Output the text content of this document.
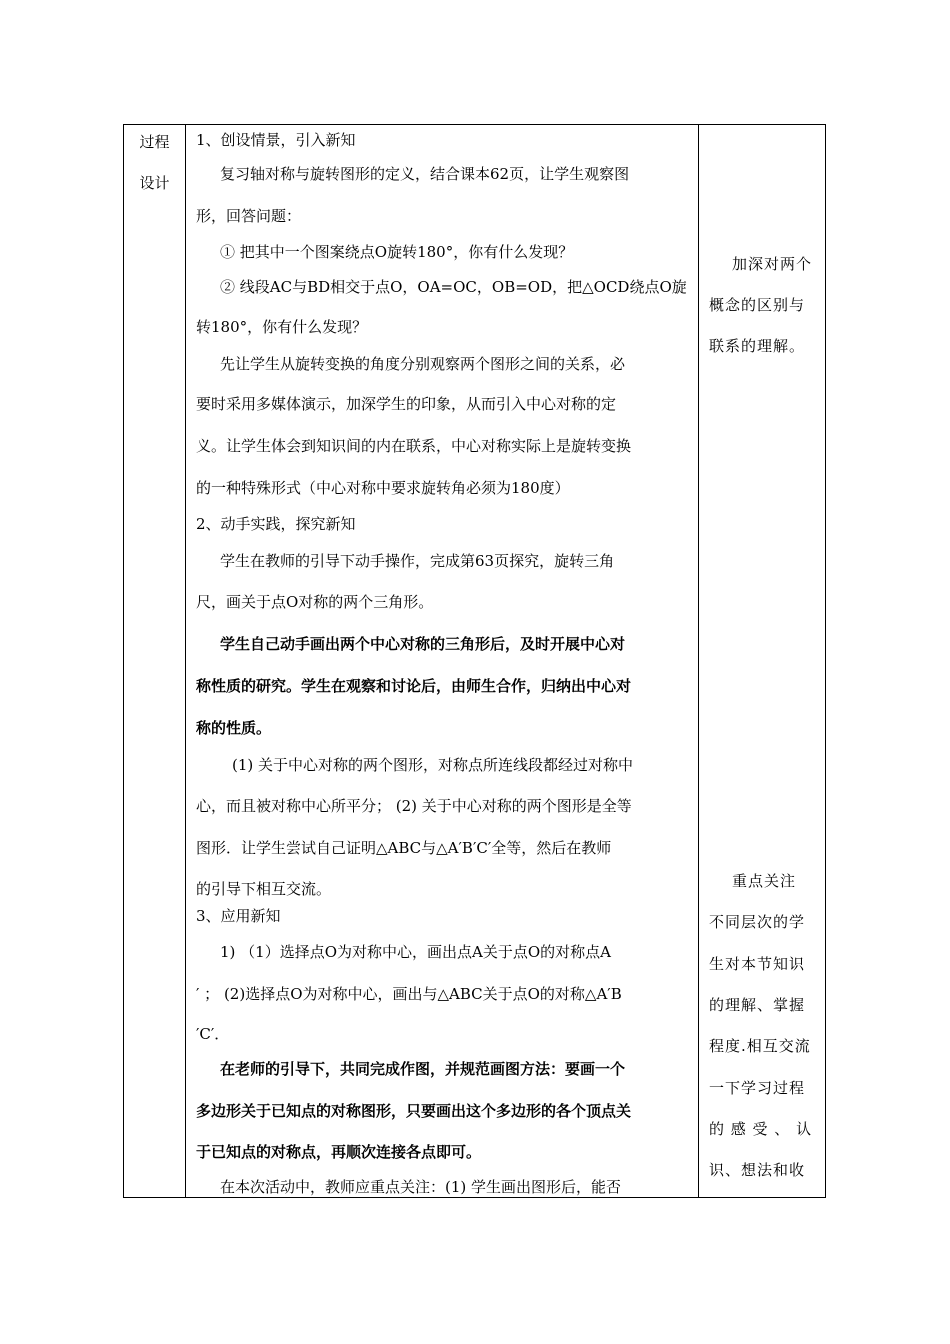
过程
设计
1、创设情景，引入新知
复习轴对称与旋转图形的定义，结合课本62页，让学生观察图
形，回答问题：
① 把其中一个图案绕点O旋转180°，你有什么发现？
② 线段AC与BD相交于点O，OA=OC，OB=OD，把△OCD绕点O旋
转180°，你有什么发现？
先让学生从旋转变换的角度分别观察两个图形之间的关系，必
要时采用多媒体演示，加深学生的印象，从而引入中心对称的定
义。让学生体会到知识间的内在联系，中心对称实际上是旋转变换
的一种特殊形式（中心对称中要求旋转角必须为180度）
2、动手实践，探究新知
学生在教师的引导下动手操作，完成第63页探究，旋转三角
尺，画关于点O对称的两个三角形。
学生自己动手画出两个中心对称的三角形后，及时开展中心对
称性质的研究。学生在观察和讨论后，由师生合作，归纳出中心对
称的性质。
(1) 关于中心对称的两个图形，对称点所连线段都经过对称中
心，而且被对称中心所平分； (2) 关于中心对称的两个图形是全等
图形．让学生尝试自己证明△ABC与△A′B′C′全等，然后在教师
的引导下相互交流。
3、应用新知
1) （1）选择点O为对称中心，画出点A关于点O的对称点A
′ ； (2)选择点O为对称中心，画出与△ABC关于点O的对称△A′B
′C′．
在老师的引导下，共同完成作图，并规范画图方法：要画一个
多边形关于已知点的对称图形，只要画出这个多边形的各个顶点关
于已知点的对称点，再顺次连接各点即可。
在本次活动中，教师应重点关注：(1) 学生画出图形后，能否
加深对两个
概念的区别与
联系的理解。
重点关注
不同层次的学
生对本节知识
的理解、掌握
程度.相互交流
一下学习过程
的 感 受 、 认
识、想法和收
